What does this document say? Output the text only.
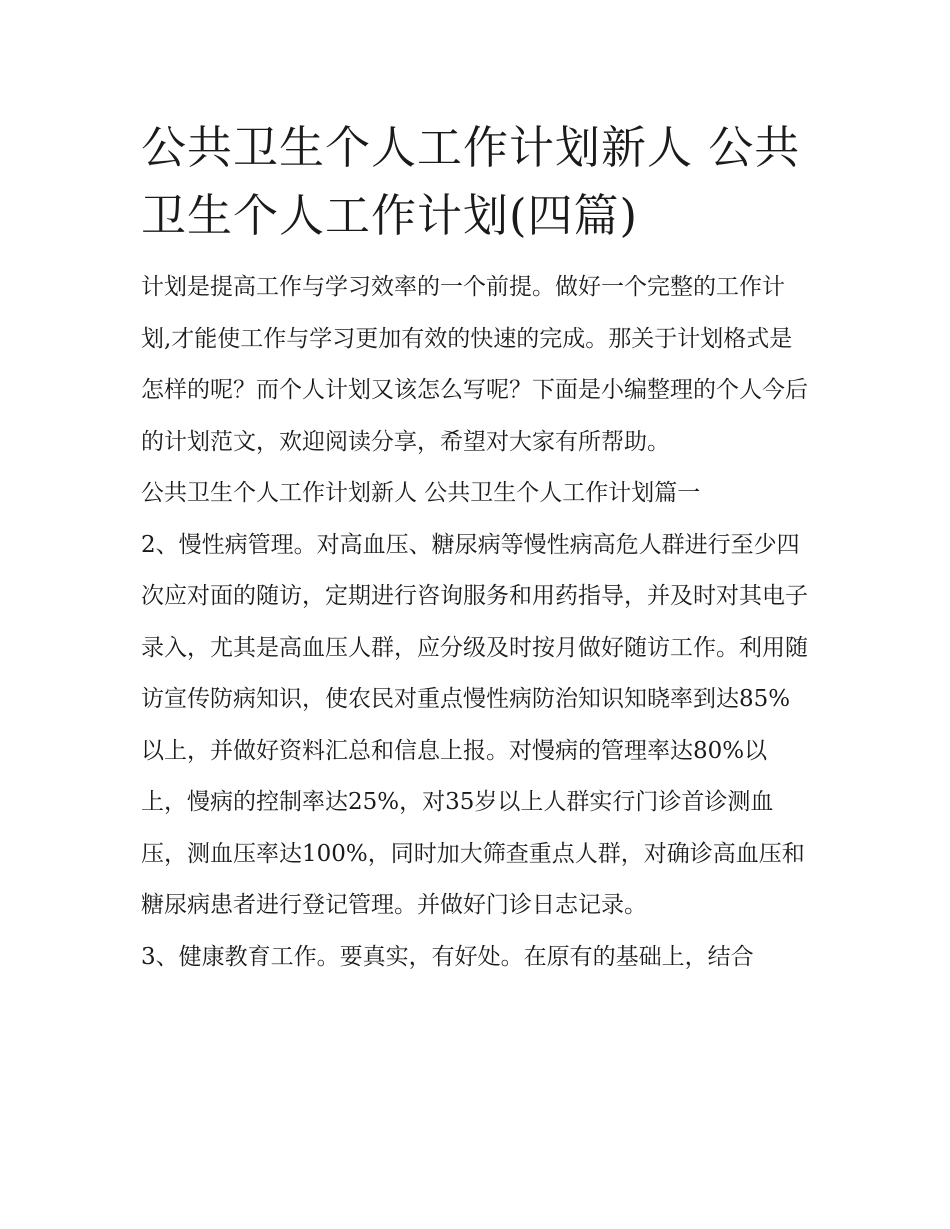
公共卫生个人工作计划新人 公共卫生个人工作计划(四篇)

计划是提高工作与学习效率的一个前提。做好一个完整的工作计划,才能使工作与学习更加有效的快速的完成。那关于计划格式是怎样的呢？而个人计划又该怎么写呢？下面是小编整理的个人今后的计划范文，欢迎阅读分享，希望对大家有所帮助。

公共卫生个人工作计划新人 公共卫生个人工作计划篇一

2、慢性病管理。对高血压、糖尿病等慢性病高危人群进行至少四次应对面的随访，定期进行咨询服务和用药指导，并及时对其电子录入，尤其是高血压人群，应分级及时按月做好随访工作。利用随访宣传防病知识，使农民对重点慢性病防治知识知晓率到达85%以上，并做好资料汇总和信息上报。对慢病的管理率达80%以上，慢病的控制率达25%，对35岁以上人群实行门诊首诊测血压，测血压率达100%，同时加大筛查重点人群，对确诊高血压和糖尿病患者进行登记管理。并做好门诊日志记录。

3、健康教育工作。要真实，有好处。在原有的基础上，结合
